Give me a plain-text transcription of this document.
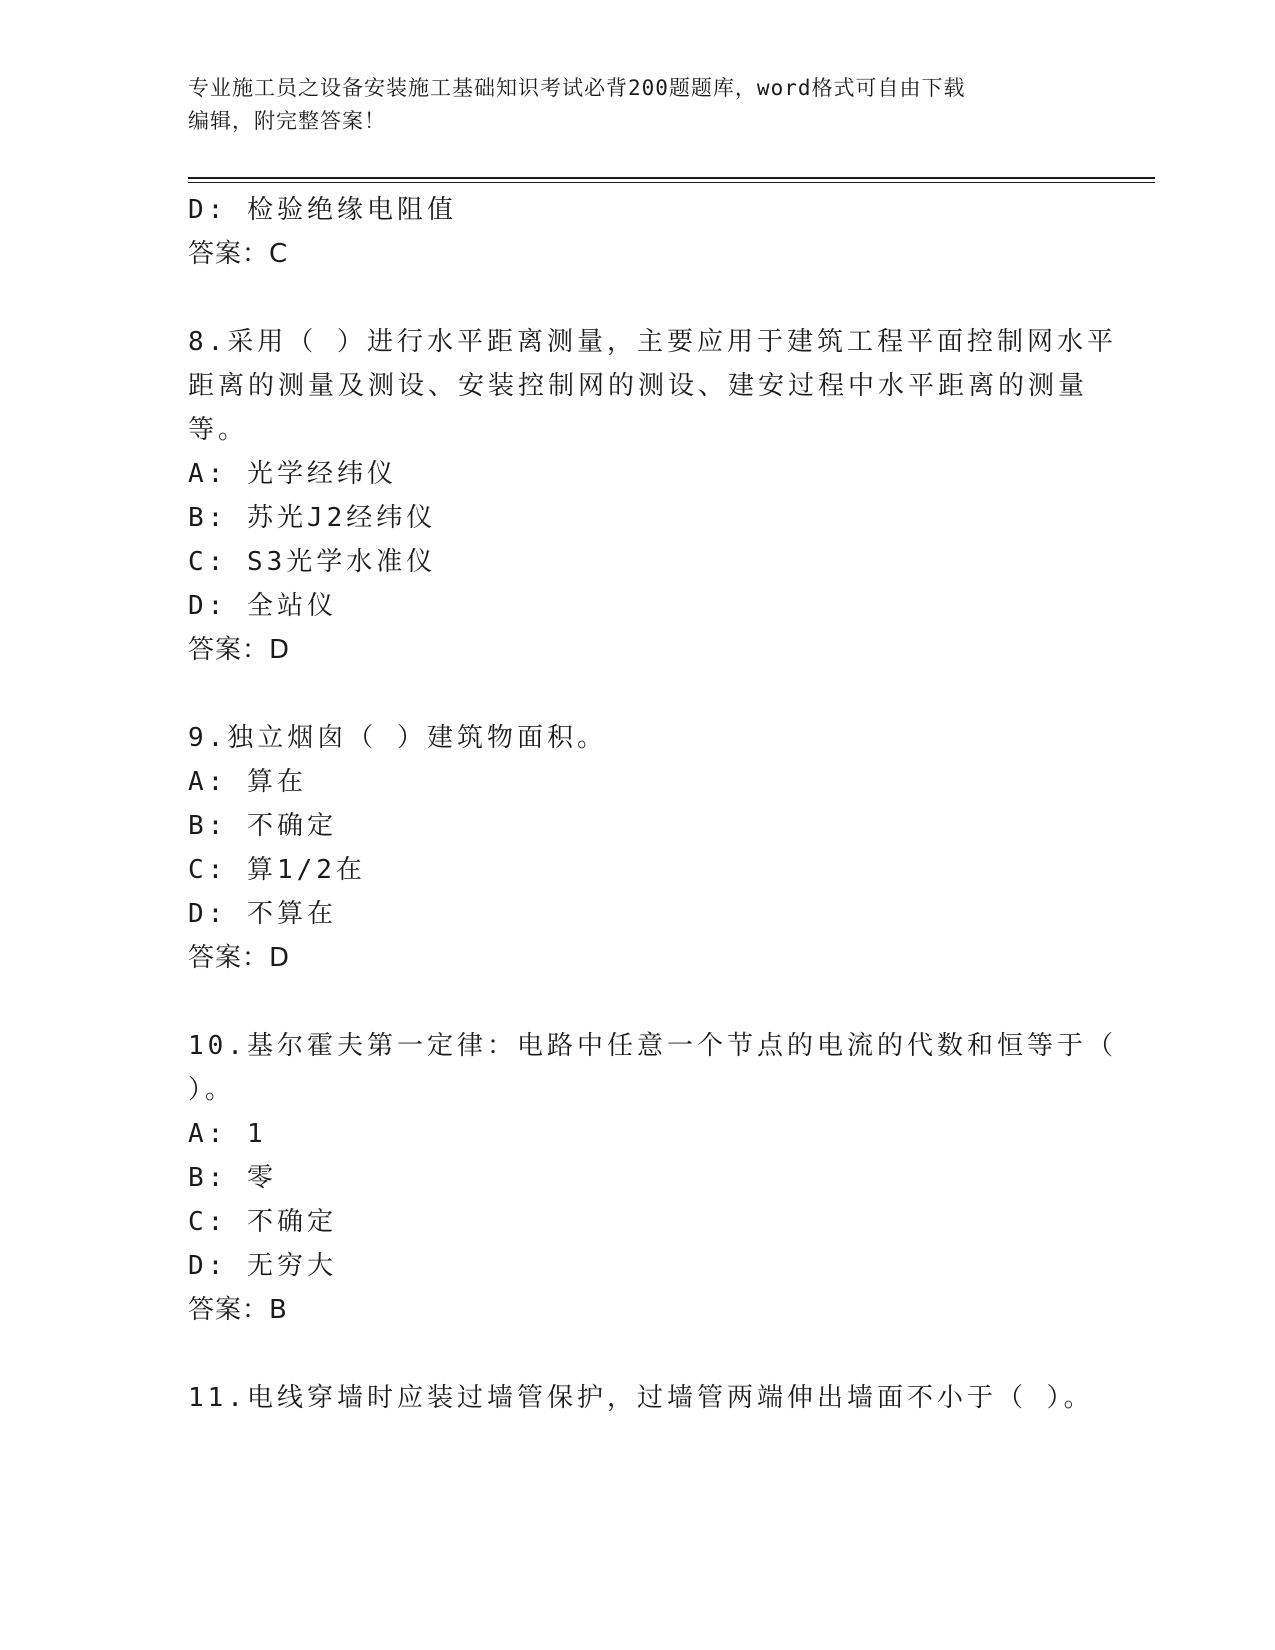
专业施工员之设备安装施工基础知识考试必背200题题库，word格式可自由下载
编辑，附完整答案！
D: 检验绝缘电阻值
答案：C
8.采用（ ）进行水平距离测量，主要应用于建筑工程平面控制网水平
距离的测量及测设、安装控制网的测设、建安过程中水平距离的测量
等。
A: 光学经纬仪
B: 苏光J2经纬仪
C: S3光学水准仪
D: 全站仪
答案：D
9.独立烟囱（ ）建筑物面积。
A: 算在
B: 不确定
C: 算1/2在
D: 不算在
答案：D
10.基尔霍夫第一定律：电路中任意一个节点的电流的代数和恒等于（
）。
A: 1
B: 零
C: 不确定
D: 无穷大
答案：B
11.电线穿墙时应装过墙管保护，过墙管两端伸出墙面不小于（ ）。
